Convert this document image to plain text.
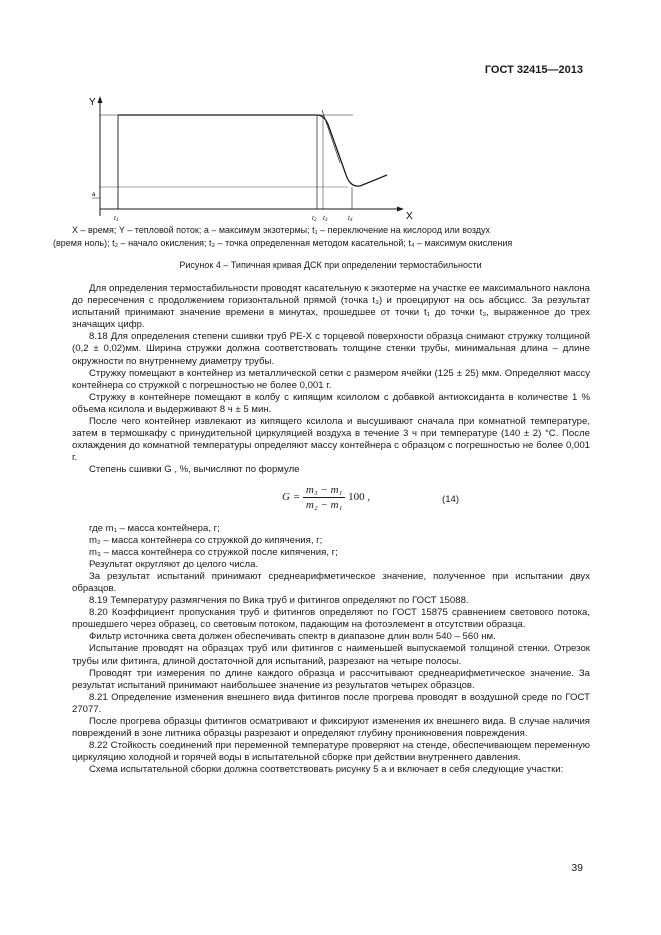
ГОСТ 32415—2013
Y
X
a
t1	t2 t3	t4
X – время; Y – тепловой поток; a – максимум экзотермы; t₁ – переключение на кислород или воздух
(время ноль); t₂ – начало окисления; t₃ – точка определенная методом касательной; t₄ – максимум окисления
Рисунок 4 – Типичная кривая ДСК при определении термостабильности

Для определения термостабильности проводят касательную к экзотерме на участке ее максимального наклона до пересечения с продолжением горизонтальной прямой (точка t₃) и проецируют на ось абсцисс. За результат испытаний принимают значение времени в минутах, прошедшее от точки t₁ до точки t₃, выраженное до трех значащих цифр.

8.18 Для определения степени сшивки труб PE-X с торцевой поверхности образца снимают стружку толщиной (0,2 ± 0,02)мм. Ширина стружки должна соответствовать толщине стенки трубы, минимальная длина – длине окружности по внутреннему диаметру трубы.

Стружку помещают в контейнер из металлической сетки с размером ячейки (125 ± 25) мкм. Определяют массу контейнера со стружкой с погрешностью не более 0,001 г.

Стружку в контейнере помещают в колбу с кипящим ксилолом с добавкой антиоксиданта в количестве 1 % объема ксилола и выдерживают 8 ч ± 5 мин.

После чего контейнер извлекают из кипящего ксилола и высушивают сначала при комнатной температуре, затем в термошкафу с принудительной циркуляцией воздуха в течение 3 ч при температуре (140 ± 2) °С. После охлаждения до комнатной температуры определяют массу контейнера с образцом с погрешностью не более 0,001 г.

Степень сшивки G , %, вычисляют по формуле

$G = \frac{\text{m₃ − m₁}}{\text{m₂ − m₁}} 100$ ,	(14)

где m₁ – масса контейнера, г;

m₂ – масса контейнера со стружкой до кипячения, г;

m₃ – масса контейнера со стружкой после кипячения, г;

Результат округляют до целого числа.

За результат испытаний принимают среднеарифметическое значение, полученное при испытании двух образцов.

8.19 Температуру размягчения по Вика труб и фитингов определяют по ГОСТ 15088.

8.20 Коэффициент пропускания труб и фитингов определяют по ГОСТ 15875 сравнением светового потока, прошедшего через образец, со световым потоком, падающим на фотоэлемент в отсутствии образца.

Фильтр источника света должен обеспечивать спектр в диапазоне длин волн 540 – 560 нм.

Испытание проводят на образцах труб или фитингов с наименьшей выпускаемой толщиной стенки. Отрезок трубы или фитинга, длиной достаточной для испытаний, разрезают на четыре полосы.

Проводят три измерения по длине каждого образца и рассчитывают среднеарифметическое значение. За результат испытаний принимают наибольшее значение из результатов четырех образцов.

8.21 Определение изменения внешнего вида фитингов после прогрева проводят в воздушной среде по ГОСТ 27077.

После прогрева образцы фитингов осматривают и фиксируют изменения их внешнего вида. В случае наличия повреждений в зоне литника образцы разрезают и определяют глубину проникновения повреждения.

8.22 Стойкость соединений при переменной температуре проверяют на стенде, обеспечивающем переменную циркуляцию холодной и горячей воды в испытательной сборке при действии внутреннего давления.

Схема испытательной сборки должна соответствовать рисунку 5 а и включает в себя следующие участки:

39
